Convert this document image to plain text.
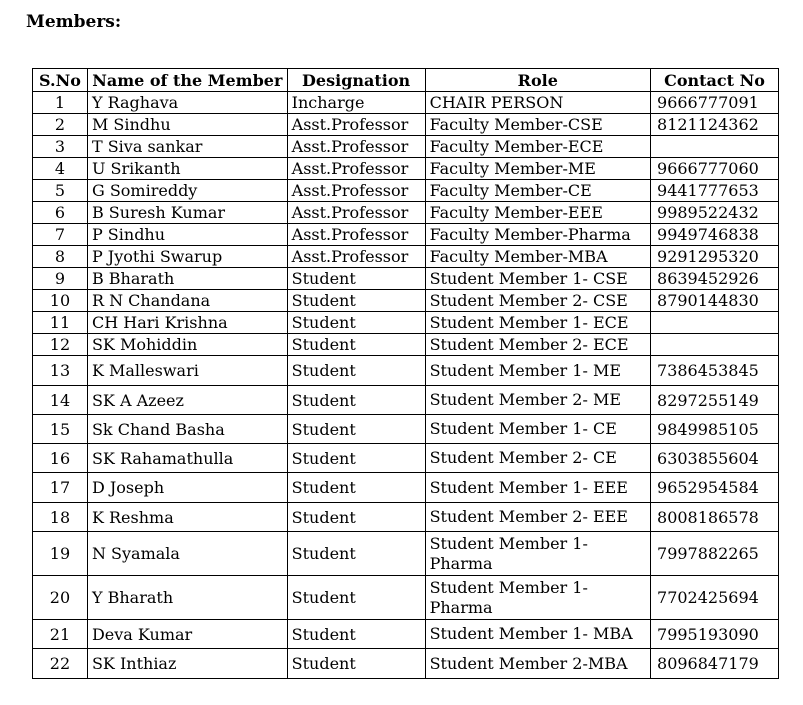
Members:
S.No	Name of the Member	Designation	Role	Contact No
1	Y Raghava	Incharge	CHAIR PERSON	9666777091
2	M Sindhu	Asst.Professor	Faculty Member-CSE	8121124362
3	T Siva sankar	Asst.Professor	Faculty Member-ECE	
4	U Srikanth	Asst.Professor	Faculty Member-ME	9666777060
5	G Somireddy	Asst.Professor	Faculty Member-CE	9441777653
6	B Suresh Kumar	Asst.Professor	Faculty Member-EEE	9989522432
7	P Sindhu	Asst.Professor	Faculty Member-Pharma	9949746838
8	P Jyothi Swarup	Asst.Professor	Faculty Member-MBA	9291295320
9	B Bharath	Student	Student Member 1- CSE	8639452926
10	R N Chandana	Student	Student Member 2- CSE	8790144830
11	CH Hari Krishna	Student	Student Member 1- ECE	
12	SK Mohiddin	Student	Student Member 2- ECE	
13	K Malleswari	Student	Student Member 1- ME	7386453845
14	SK A Azeez	Student	Student Member 2- ME	8297255149
15	Sk Chand Basha	Student	Student Member 1- CE	9849985105
16	SK Rahamathulla	Student	Student Member 2- CE	6303855604
17	D Joseph	Student	Student Member 1- EEE	9652954584
18	K Reshma	Student	Student Member 2- EEE	8008186578
19	N Syamala	Student	Student Member 1- Pharma	7997882265
20	Y Bharath	Student	Student Member 1- Pharma	7702425694
21	Deva Kumar	Student	Student Member 1- MBA	7995193090
22	SK Inthiaz	Student	Student Member 2-MBA	8096847179
